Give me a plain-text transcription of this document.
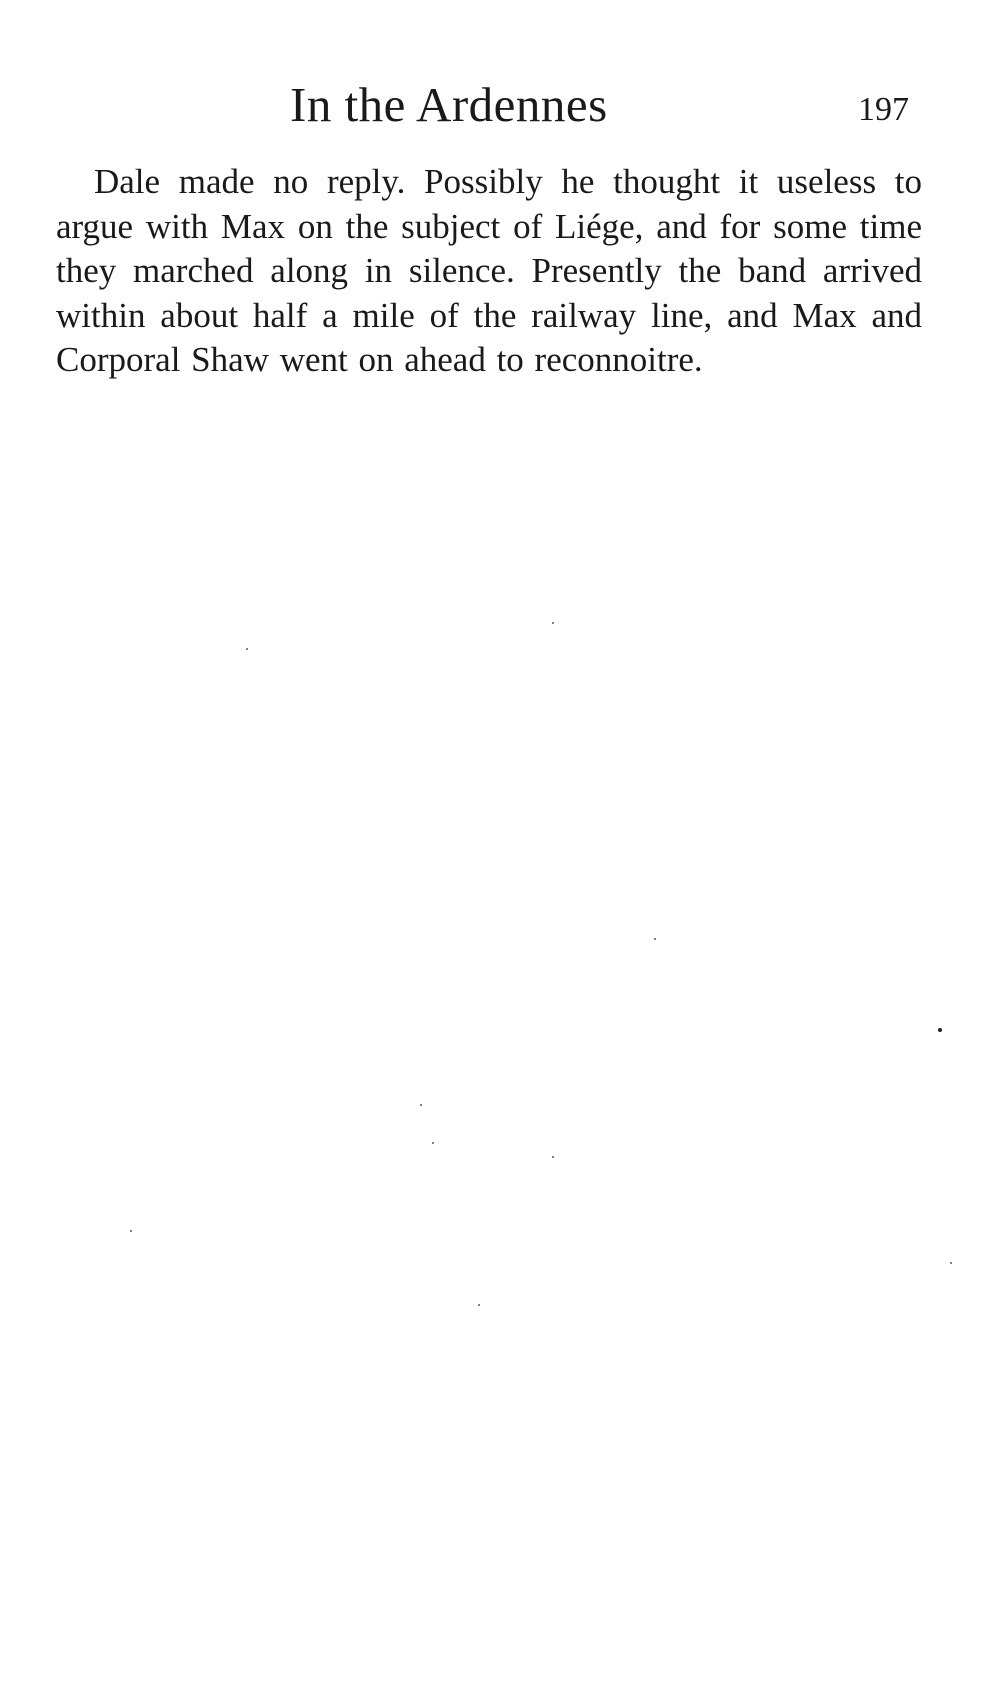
In the Ardennes	197

Dale made no reply. Possibly he thought it useless to argue with Max on the subject of Liége, and for some time they marched along in silence. Presently the band arrived within about half a mile of the railway line, and Max and Corporal Shaw went on ahead to reconnoitre.
